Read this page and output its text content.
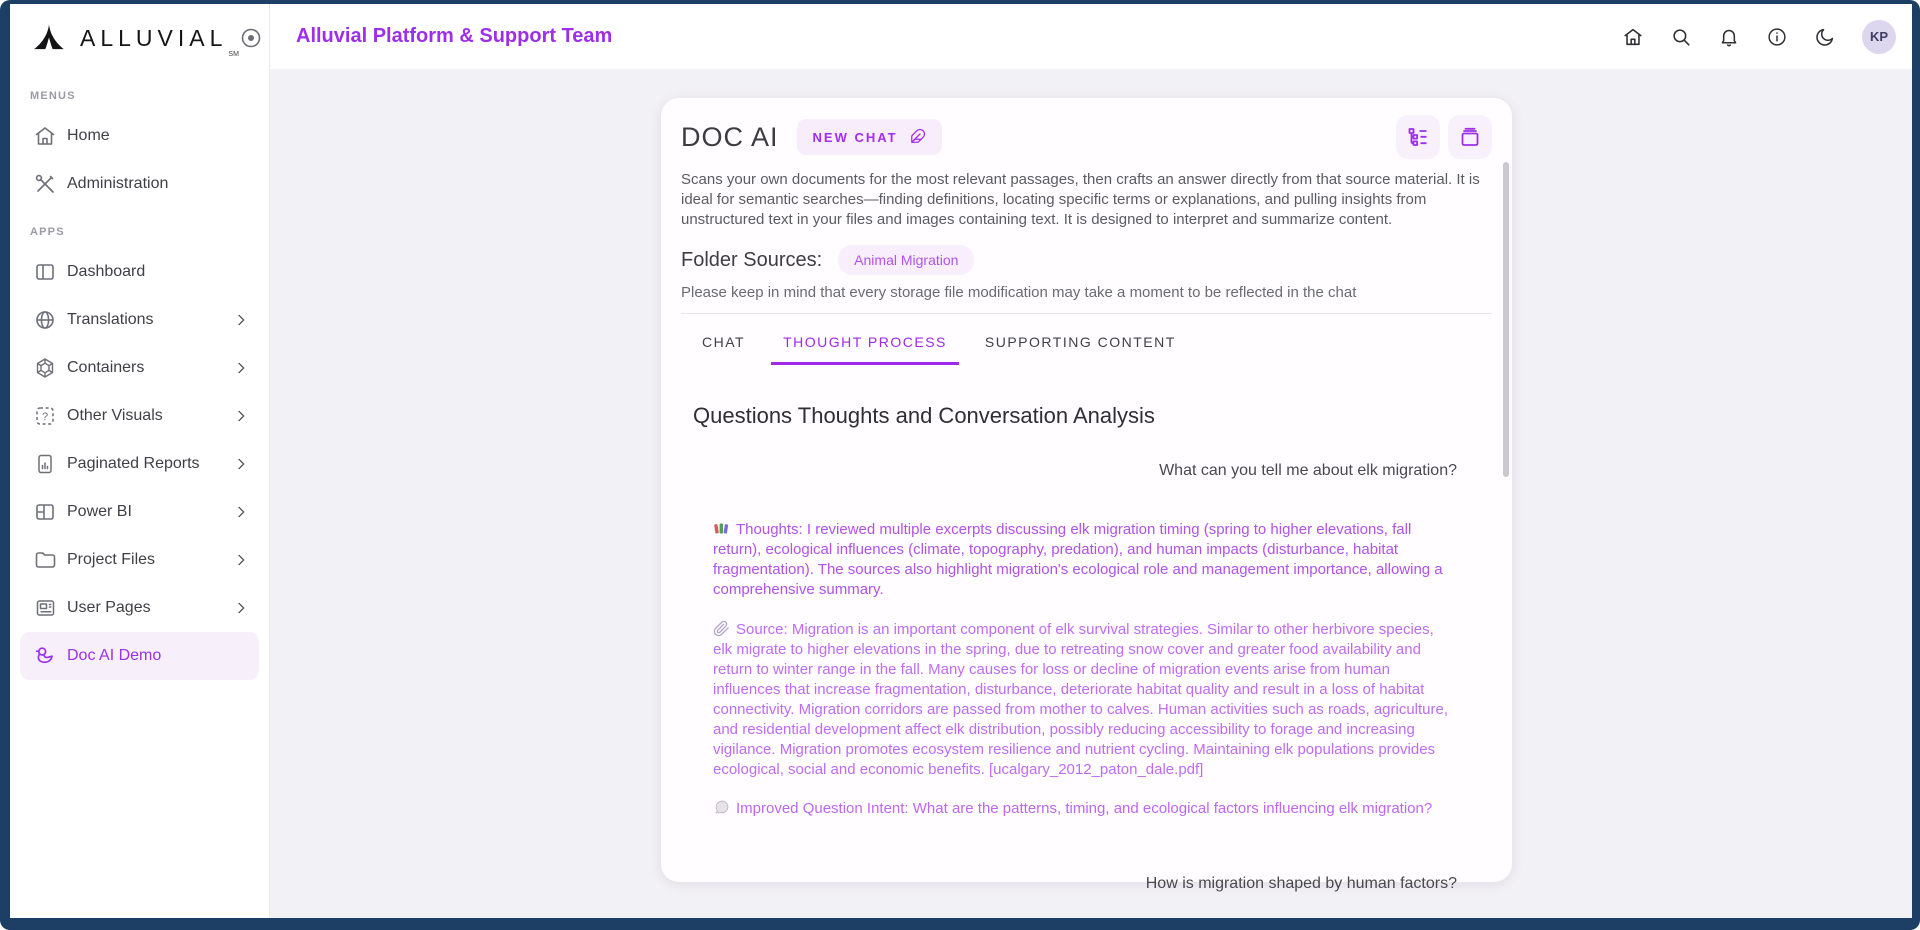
ALLUVIAL
SM
MENUS
Home
Administration
APPS
Dashboard
Translations
Containers
? Other Visuals
Paginated Reports
Power BI
Project Files
User Pages
Doc AI Demo
Alluvial Platform & Support Team	KP
DOC AI	NEW CHAT

Scans your own documents for the most relevant passages, then crafts an answer directly from that source material. It is ideal for semantic searches—finding definitions, locating specific terms or explanations, and pulling insights from unstructured text in your files and images containing text. It is designed to interpret and summarize content.

Folder Sources:	Animal Migration

Please keep in mind that every storage file modification may take a moment to be reflected in the chat

CHAT	THOUGHT PROCESS	SUPPORTING CONTENT
Questions Thoughts and Conversation Analysis
What can you tell me about elk migration?
Thoughts: I reviewed multiple excerpts discussing elk migration timing (spring to higher elevations, fall return), ecological influences (climate, topography, predation), and human impacts (disturbance, habitat fragmentation). The sources also highlight migration's ecological role and management importance, allowing a comprehensive summary.
Source: Migration is an important component of elk survival strategies. Similar to other herbivore species, elk migrate to higher elevations in the spring, due to retreating snow cover and greater food availability and return to winter range in the fall. Many causes for loss or decline of migration events arise from human influences that increase fragmentation, disturbance, deteriorate habitat quality and result in a loss of habitat connectivity. Migration corridors are passed from mother to calves. Human activities such as roads, agriculture, and residential development affect elk distribution, possibly reducing accessibility to forage and increasing vigilance. Migration promotes ecosystem resilience and nutrient cycling. Maintaining elk populations provides ecological, social and economic benefits. [ucalgary_2012_paton_dale.pdf]
Improved Question Intent: What are the patterns, timing, and ecological factors influencing elk migration?
How is migration shaped by human factors?
